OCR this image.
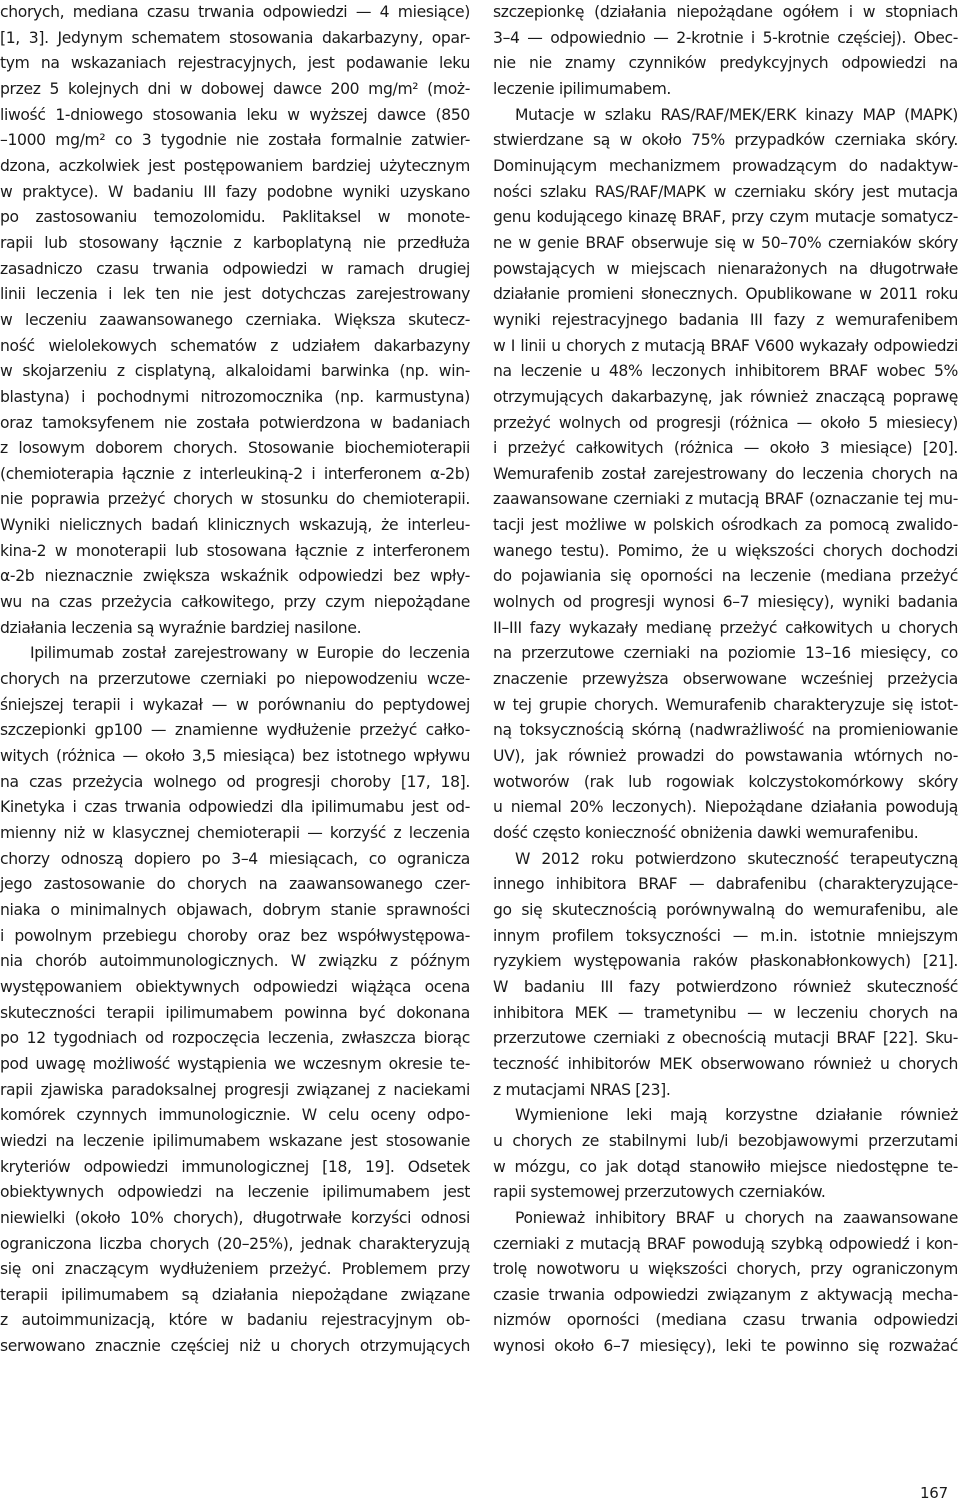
chorych, mediana czasu trwania odpowiedzi — 4 miesiące)
[1, 3]. Jedynym schematem stosowania dakarbazyny, opar-
tym na wskazaniach rejestracyjnych, jest podawanie leku
przez 5 kolejnych dni w dobowej dawce 200 mg/m² (moż-
liwość 1-dniowego stosowania leku w wyższej dawce (850
–1000 mg/m² co 3 tygodnie nie została formalnie zatwier-
dzona, aczkolwiek jest postępowaniem bardziej użytecznym
w praktyce). W badaniu III fazy podobne wyniki uzyskano
po zastosowaniu temozolomidu. Paklitaksel w monote-
rapii lub stosowany łącznie z karboplatyną nie przedłuża
zasadniczo czasu trwania odpowiedzi w ramach drugiej
linii leczenia i lek ten nie jest dotychczas zarejestrowany
w leczeniu zaawansowanego czerniaka. Większa skutecz-
ność wielolekowych schematów z udziałem dakarbazyny
w skojarzeniu z cisplatyną, alkaloidami barwinka (np. win-
blastyna) i pochodnymi nitrozomocznika (np. karmustyna)
oraz tamoksyfenem nie została potwierdzona w badaniach
z losowym doborem chorych. Stosowanie biochemioterapii
(chemioterapia łącznie z interleukiną-2 i interferonem α-2b)
nie poprawia przeżyć chorych w stosunku do chemioterapii.
Wyniki nielicznych badań klinicznych wskazują, że interleu-
kina-2 w monoterapii lub stosowana łącznie z interferonem
α-2b nieznacznie zwiększa wskaźnik odpowiedzi bez wpły-
wu na czas przeżycia całkowitego, przy czym niepożądane
działania leczenia są wyraźnie bardziej nasilone.
Ipilimumab został zarejestrowany w Europie do leczenia
chorych na przerzutowe czerniaki po niepowodzeniu wcze-
śniejszej terapii i wykazał — w porównaniu do peptydowej
szczepionki gp100 — znamienne wydłużenie przeżyć całko-
witych (różnica — około 3,5 miesiąca) bez istotnego wpływu
na czas przeżycia wolnego od progresji choroby [17, 18].
Kinetyka i czas trwania odpowiedzi dla ipilimumabu jest od-
mienny niż w klasycznej chemioterapii — korzyść z leczenia
chorzy odnoszą dopiero po 3–4 miesiącach, co ogranicza
jego zastosowanie do chorych na zaawansowanego czer-
niaka o minimalnych objawach, dobrym stanie sprawności
i powolnym przebiegu choroby oraz bez współwystępowa-
nia chorób autoimmunologicznych. W związku z późnym
występowaniem obiektywnych odpowiedzi wiążąca ocena
skuteczności terapii ipilimumabem powinna być dokonana
po 12 tygodniach od rozpoczęcia leczenia, zwłaszcza biorąc
pod uwagę możliwość wystąpienia we wczesnym okresie te-
rapii zjawiska paradoksalnej progresji związanej z naciekami
komórek czynnych immunologicznie. W celu oceny odpo-
wiedzi na leczenie ipilimumabem wskazane jest stosowanie
kryteriów odpowiedzi immunologicznej [18, 19]. Odsetek
obiektywnych odpowiedzi na leczenie ipilimumabem jest
niewielki (około 10% chorych), długotrwałe korzyści odnosi
ograniczona liczba chorych (20–25%), jednak charakteryzują
się oni znaczącym wydłużeniem przeżyć. Problemem przy
terapii ipilimumabem są działania niepożądane związane
z autoimmunizacją, które w badaniu rejestracyjnym ob-
serwowano znacznie częściej niż u chorych otrzymujących
szczepionkę (działania niepożądane ogółem i w stopniach
3–4 — odpowiednio — 2-krotnie i 5-krotnie częściej). Obec-
nie nie znamy czynników predykcyjnych odpowiedzi na
leczenie ipilimumabem.
Mutacje w szlaku RAS/RAF/MEK/ERK kinazy MAP (MAPK)
stwierdzane są w około 75% przypadków czerniaka skóry.
Dominującym mechanizmem prowadzącym do nadaktyw-
ności szlaku RAS/RAF/MAPK w czerniaku skóry jest mutacja
genu kodującego kinazę BRAF, przy czym mutacje somatycz-
ne w genie BRAF obserwuje się w 50–70% czerniaków skóry
powstających w miejscach nienarażonych na długotrwałe
działanie promieni słonecznych. Opublikowane w 2011 roku
wyniki rejestracyjnego badania III fazy z wemurafenibem
w I linii u chorych z mutacją BRAF V600 wykazały odpowiedzi
na leczenie u 48% leczonych inhibitorem BRAF wobec 5%
otrzymujących dakarbazynę, jak również znaczącą poprawę
przeżyć wolnych od progresji (różnica — około 5 miesiecy)
i przeżyć całkowitych (różnica — około 3 miesiące) [20].
Wemurafenib został zarejestrowany do leczenia chorych na
zaawansowane czerniaki z mutacją BRAF (oznaczanie tej mu-
tacji jest możliwe w polskich ośrodkach za pomocą zwalido-
wanego testu). Pomimo, że u większości chorych dochodzi
do pojawiania się oporności na leczenie (mediana przeżyć
wolnych od progresji wynosi 6–7 miesięcy), wyniki badania
II–III fazy wykazały medianę przeżyć całkowitych u chorych
na przerzutowe czerniaki na poziomie 13–16 miesięcy, co
znaczenie przewyższa obserwowane wcześniej przeżycia
w tej grupie chorych. Wemurafenib charakteryzuje się istot-
ną toksycznością skórną (nadwrażliwość na promieniowanie
UV), jak również prowadzi do powstawania wtórnych no-
wotworów (rak lub rogowiak kolczystokomórkowy skóry
u niemal 20% leczonych). Niepożądane działania powodują
dość często konieczność obniżenia dawki wemurafenibu.
W 2012 roku potwierdzono skuteczność terapeutyczną
innego inhibitora BRAF — dabrafenibu (charakteryzujące-
go się skutecznością porównywalną do wemurafenibu, ale
innym profilem toksyczności — m.in. istotnie mniejszym
ryzykiem występowania raków płaskonabłonkowych) [21].
W badaniu III fazy potwierdzono również skuteczność
inhibitora MEK — trametynibu — w leczeniu chorych na
przerzutowe czerniaki z obecnością mutacji BRAF [22]. Sku-
teczność inhibitorów MEK obserwowano również u chorych
z mutacjami NRAS [23].
Wymienione leki mają korzystne działanie również
u chorych ze stabilnymi lub/i bezobjawowymi przerzutami
w mózgu, co jak dotąd stanowiło miejsce niedostępne te-
rapii systemowej przerzutowych czerniaków.
Ponieważ inhibitory BRAF u chorych na zaawansowane
czerniaki z mutacją BRAF powodują szybką odpowiedź i kon-
trolę nowotworu u większości chorych, przy ograniczonym
czasie trwania odpowiedzi związanym z aktywacją mecha-
nizmów oporności (mediana czasu trwania odpowiedzi
wynosi około 6–7 miesięcy), leki te powinno się rozważać
167
